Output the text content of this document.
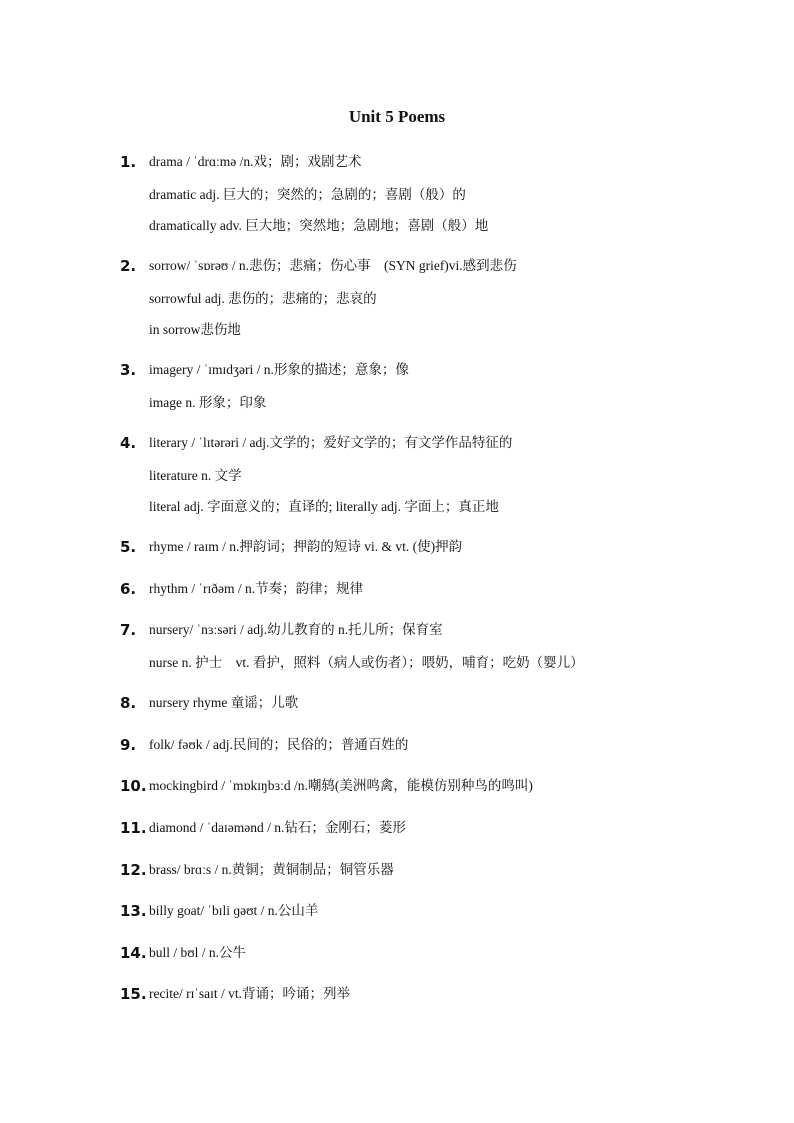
Unit 5 Poems
1. drama / ˈdrɑːmə /n.戏；剧；戏剧艺术
dramatic adj. 巨大的；突然的；急剧的；喜剧（般）的
dramatically adv. 巨大地；突然地；急剧地；喜剧（般）地
2. sorrow/ ˈsɒrəʊ / n.悲伤；悲痛；伤心事　(SYN grief)vi.感到悲伤
sorrowful adj. 悲伤的；悲痛的；悲哀的
in sorrow悲伤地
3. imagery / ˈɪmɪdʒəri / n.形象的描述；意象；像
image n. 形象；印象
4. literary / ˈlɪtərəri / adj.文学的；爱好文学的；有文学作品特征的
literature n. 文学
literal adj. 字面意义的；直译的; literally adj. 字面上；真正地
5. rhyme / raɪm / n.押韵词；押韵的短诗 vi. & vt. (使)押韵
6. rhythm / ˈrɪðəm / n.节奏；韵律；规律
7. nursery/ ˈnɜːsəri / adj.幼儿教育的 n.托儿所；保育室
nurse n. 护士　vt. 看护，照料（病人或伤者）；喂奶，哺育；吃奶（婴儿）
8. nursery rhyme 童谣；儿歌
9. folk/ fəʊk / adj.民间的；民俗的；普通百姓的
10. mockingbird / ˈmɒkɪŋbɜːd /n.嘲鸫(美洲鸣禽，能模仿别种鸟的鸣叫)
11. diamond / ˈdaɪəmənd / n.钻石；金刚石；菱形
12. brass/ brɑːs / n.黄铜；黄铜制品；铜管乐器
13. billy goat/ ˈbɪli ɡəʊt / n.公山羊
14. bull / bʊl / n.公牛
15. recite/ rɪˈsaɪt / vt.背诵；吟诵；列举
